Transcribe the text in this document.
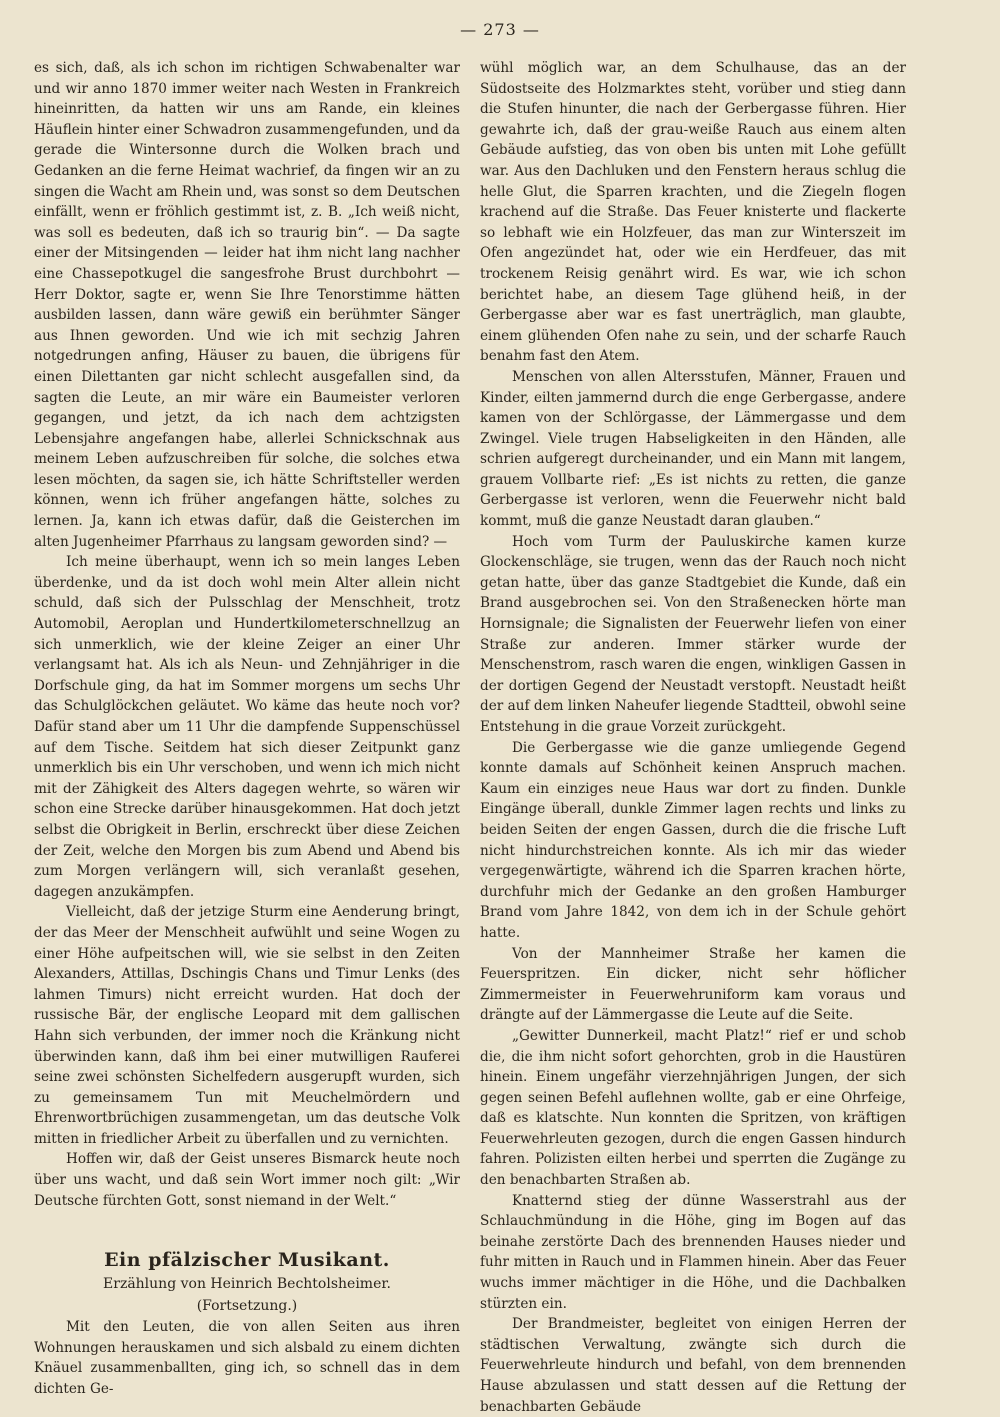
— 273 —

es sich, daß, als ich schon im richtigen Schwabenalter war und wir anno 1870 immer weiter nach Westen in Frankreich hineinritten, da hatten wir uns am Rande, ein kleines Häuflein hinter einer Schwadron zusammengefunden, und da gerade die Wintersonne durch die Wolken brach und Gedanken an die ferne Heimat wachrief, da fingen wir an zu singen die Wacht am Rhein und, was sonst so dem Deutschen einfällt, wenn er fröhlich gestimmt ist, z. B. „Ich weiß nicht, was soll es bedeuten, daß ich so traurig bin“. — Da sagte einer der Mitsingenden — leider hat ihm nicht lang nachher eine Chassepotkugel die sangesfrohe Brust durchbohrt — Herr Doktor, sagte er, wenn Sie Ihre Tenorstimme hätten ausbilden lassen, dann wäre gewiß ein berühmter Sänger aus Ihnen geworden. Und wie ich mit sechzig Jahren notgedrungen anfing, Häuser zu bauen, die übrigens für einen Dilettanten gar nicht schlecht ausgefallen sind, da sagten die Leute, an mir wäre ein Baumeister verloren gegangen, und jetzt, da ich nach dem achtzigsten Lebensjahre angefangen habe, allerlei Schnickschnak aus meinem Leben aufzuschreiben für solche, die solches etwa lesen möchten, da sagen sie, ich hätte Schriftsteller werden können, wenn ich früher angefangen hätte, solches zu lernen. Ja, kann ich etwas dafür, daß die Geisterchen im alten Jugenheimer Pfarrhaus zu langsam geworden sind? —

Ich meine überhaupt, wenn ich so mein langes Leben überdenke, und da ist doch wohl mein Alter allein nicht schuld, daß sich der Pulsschlag der Menschheit, trotz Automobil, Aeroplan und Hundertkilometerschnellzug an sich unmerklich, wie der kleine Zeiger an einer Uhr verlangsamt hat. Als ich als Neun- und Zehnjähriger in die Dorfschule ging, da hat im Sommer morgens um sechs Uhr das Schulglöckchen geläutet. Wo käme das heute noch vor? Dafür stand aber um 11 Uhr die dampfende Suppenschüssel auf dem Tische. Seitdem hat sich dieser Zeitpunkt ganz unmerklich bis ein Uhr verschoben, und wenn ich mich nicht mit der Zähigkeit des Alters dagegen wehrte, so wären wir schon eine Strecke darüber hinausgekommen. Hat doch jetzt selbst die Obrigkeit in Berlin, erschreckt über diese Zeichen der Zeit, welche den Morgen bis zum Abend und Abend bis zum Morgen verlängern will, sich veranlaßt gesehen, dagegen anzukämpfen.

Vielleicht, daß der jetzige Sturm eine Aenderung bringt, der das Meer der Menschheit aufwühlt und seine Wogen zu einer Höhe aufpeitschen will, wie sie selbst in den Zeiten Alexanders, Attillas, Dschingis Chans und Timur Lenks (des lahmen Timurs) nicht erreicht wurden. Hat doch der russische Bär, der englische Leopard mit dem gallischen Hahn sich verbunden, der immer noch die Kränkung nicht überwinden kann, daß ihm bei einer mutwilligen Rauferei seine zwei schönsten Sichelfedern ausgerupft wurden, sich zu gemeinsamem Tun mit Meuchelmördern und Ehrenwortbrüchigen zusammengetan, um das deutsche Volk mitten in friedlicher Arbeit zu überfallen und zu vernichten.

Hoffen wir, daß der Geist unseres Bismarck heute noch über uns wacht, und daß sein Wort immer noch gilt: „Wir Deutsche fürchten Gott, sonst niemand in der Welt.“

Ein pfälzischer Musikant.
Erzählung von Heinrich Bechtolsheimer.
(Fortsetzung.)

Mit den Leuten, die von allen Seiten aus ihren Wohnungen herauskamen und sich alsbald zu einem dichten Knäuel zusammenballten, ging ich, so schnell das in dem dichten Ge-

wühl möglich war, an dem Schulhause, das an der Südostseite des Holzmarktes steht, vorüber und stieg dann die Stufen hinunter, die nach der Gerbergasse führen. Hier gewahrte ich, daß der grau-weiße Rauch aus einem alten Gebäude aufstieg, das von oben bis unten mit Lohe gefüllt war. Aus den Dachluken und den Fenstern heraus schlug die helle Glut, die Sparren krachten, und die Ziegeln flogen krachend auf die Straße. Das Feuer knisterte und flackerte so lebhaft wie ein Holzfeuer, das man zur Winterszeit im Ofen angezündet hat, oder wie ein Herdfeuer, das mit trockenem Reisig genährt wird. Es war, wie ich schon berichtet habe, an diesem Tage glühend heiß, in der Gerbergasse aber war es fast unerträglich, man glaubte, einem glühenden Ofen nahe zu sein, und der scharfe Rauch benahm fast den Atem.

Menschen von allen Altersstufen, Männer, Frauen und Kinder, eilten jammernd durch die enge Gerbergasse, andere kamen von der Schlörgasse, der Lämmergasse und dem Zwingel. Viele trugen Habseligkeiten in den Händen, alle schrien aufgeregt durcheinander, und ein Mann mit langem, grauem Vollbarte rief: „Es ist nichts zu retten, die ganze Gerbergasse ist verloren, wenn die Feuerwehr nicht bald kommt, muß die ganze Neustadt daran glauben.“

Hoch vom Turm der Pauluskirche kamen kurze Glockenschläge, sie trugen, wenn das der Rauch noch nicht getan hatte, über das ganze Stadtgebiet die Kunde, daß ein Brand ausgebrochen sei. Von den Straßenecken hörte man Hornsignale; die Signalisten der Feuerwehr liefen von einer Straße zur anderen. Immer stärker wurde der Menschenstrom, rasch waren die engen, winkligen Gassen in der dortigen Gegend der Neustadt verstopft. Neustadt heißt der auf dem linken Naheufer liegende Stadtteil, obwohl seine Entstehung in die graue Vorzeit zurückgeht.

Die Gerbergasse wie die ganze umliegende Gegend konnte damals auf Schönheit keinen Anspruch machen. Kaum ein einziges neue Haus war dort zu finden. Dunkle Eingänge überall, dunkle Zimmer lagen rechts und links zu beiden Seiten der engen Gassen, durch die die frische Luft nicht hindurchstreichen konnte. Als ich mir das wieder vergegenwärtigte, während ich die Sparren krachen hörte, durchfuhr mich der Gedanke an den großen Hamburger Brand vom Jahre 1842, von dem ich in der Schule gehört hatte.

Von der Mannheimer Straße her kamen die Feuerspritzen. Ein dicker, nicht sehr höflicher Zimmermeister in Feuerwehruniform kam voraus und drängte auf der Lämmergasse die Leute auf die Seite.

„Gewitter Dunnerkeil, macht Platz!“ rief er und schob die, die ihm nicht sofort gehorchten, grob in die Haustüren hinein. Einem ungefähr vierzehnjährigen Jungen, der sich gegen seinen Befehl auflehnen wollte, gab er eine Ohrfeige, daß es klatschte. Nun konnten die Spritzen, von kräftigen Feuerwehrleuten gezogen, durch die engen Gassen hindurch fahren. Polizisten eilten herbei und sperrten die Zugänge zu den benachbarten Straßen ab.

Knatternd stieg der dünne Wasserstrahl aus der Schlauchmündung in die Höhe, ging im Bogen auf das beinahe zerstörte Dach des brennenden Hauses nieder und fuhr mitten in Rauch und in Flammen hinein. Aber das Feuer wuchs immer mächtiger in die Höhe, und die Dachbalken stürzten ein.

Der Brandmeister, begleitet von einigen Herren der städtischen Verwaltung, zwängte sich durch die Feuerwehrleute hindurch und befahl, von dem brennenden Hause abzulassen und statt dessen auf die Rettung der benachbarten Gebäude
